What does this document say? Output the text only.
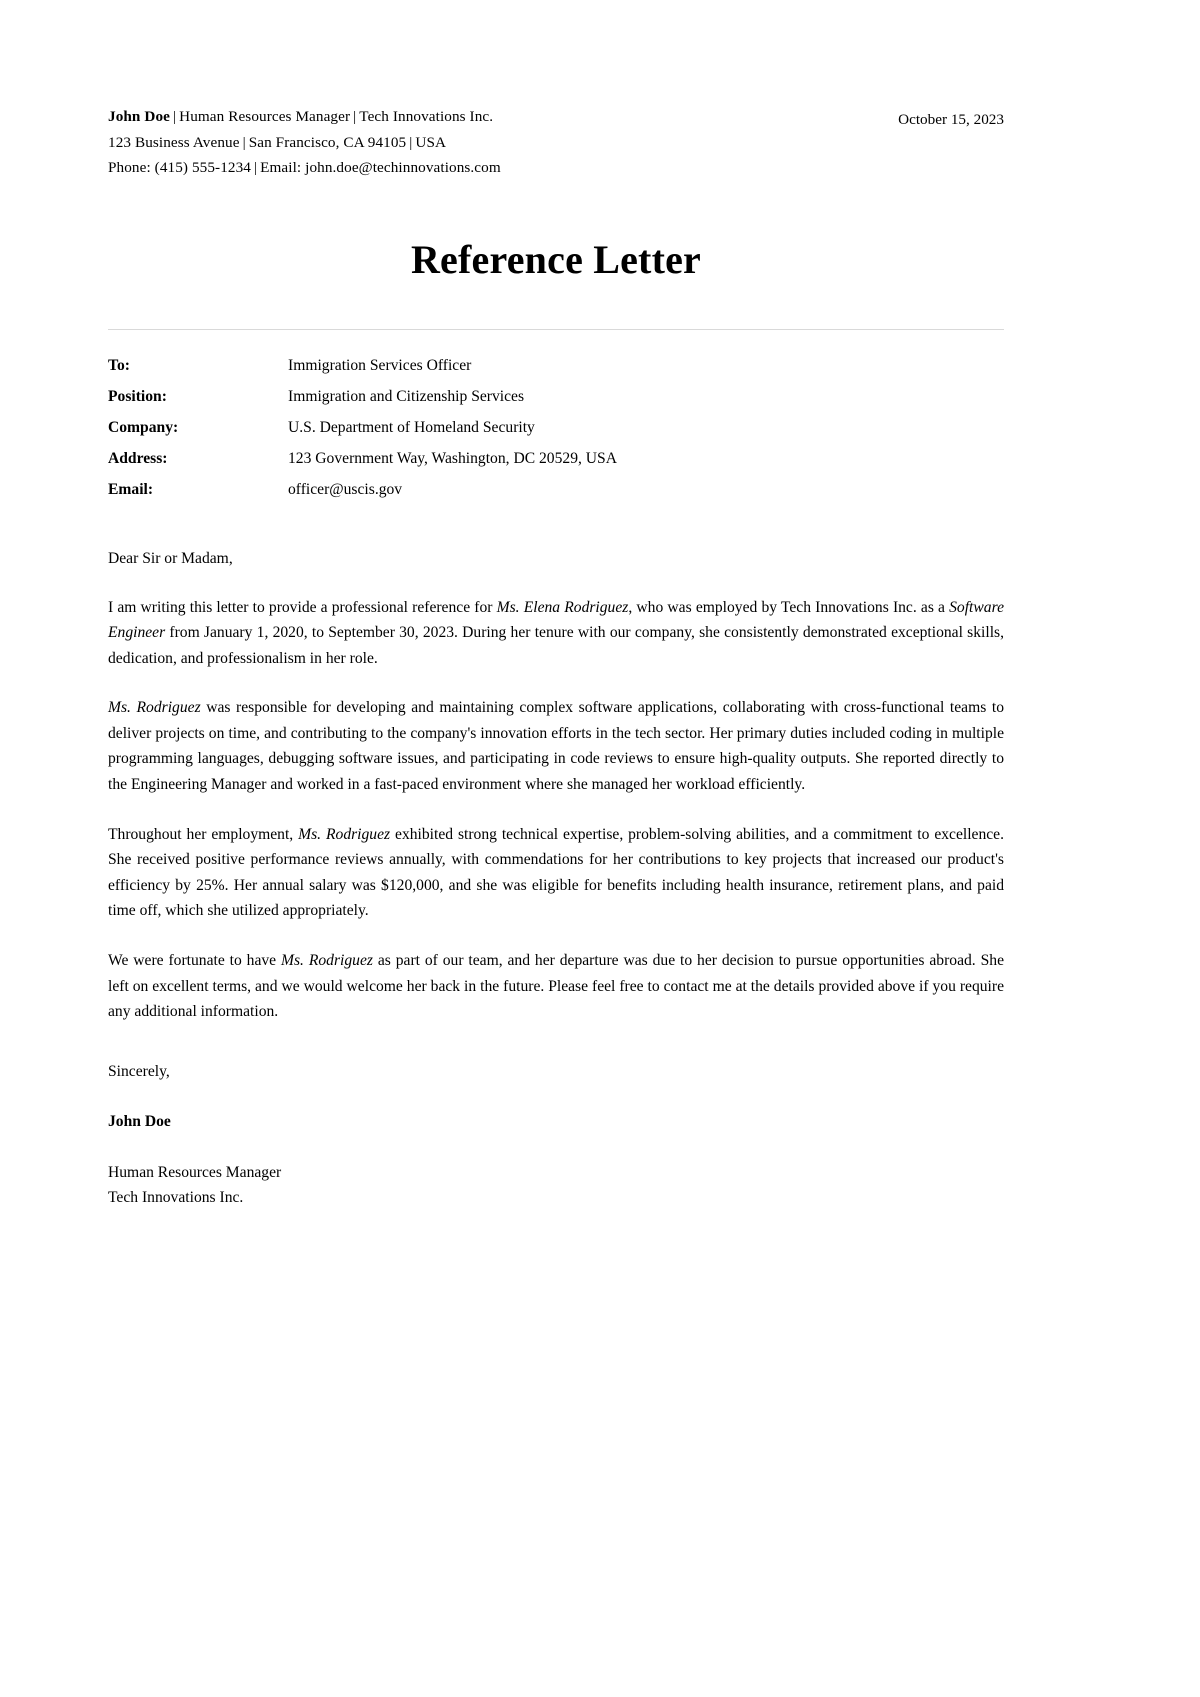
John Doe | Human Resources Manager | Tech Innovations Inc.
123 Business Avenue | San Francisco, CA 94105 | USA
Phone: (415) 555-1234 | Email: john.doe@techinnovations.com
October 15, 2023
Reference Letter
To:	Immigration Services Officer
Position:	Immigration and Citizenship Services
Company:	U.S. Department of Homeland Security
Address:	123 Government Way, Washington, DC 20529, USA
Email:	officer@uscis.gov

Dear Sir or Madam,

I am writing this letter to provide a professional reference for Ms. Elena Rodriguez, who was employed by Tech Innovations Inc. as a Software Engineer from January 1, 2020, to September 30, 2023. During her tenure with our company, she consistently demonstrated exceptional skills, dedication, and professionalism in her role.

Ms. Rodriguez was responsible for developing and maintaining complex software applications, collaborating with cross-functional teams to deliver projects on time, and contributing to the company's innovation efforts in the tech sector. Her primary duties included coding in multiple programming languages, debugging software issues, and participating in code reviews to ensure high-quality outputs. She reported directly to the Engineering Manager and worked in a fast-paced environment where she managed her workload efficiently.

Throughout her employment, Ms. Rodriguez exhibited strong technical expertise, problem-solving abilities, and a commitment to excellence. She received positive performance reviews annually, with commendations for her contributions to key projects that increased our product's efficiency by 25%. Her annual salary was $120,000, and she was eligible for benefits including health insurance, retirement plans, and paid time off, which she utilized appropriately.

We were fortunate to have Ms. Rodriguez as part of our team, and her departure was due to her decision to pursue opportunities abroad. She left on excellent terms, and we would welcome her back in the future. Please feel free to contact me at the details provided above if you require any additional information.

Sincerely,

John Doe

Human Resources Manager
Tech Innovations Inc.
